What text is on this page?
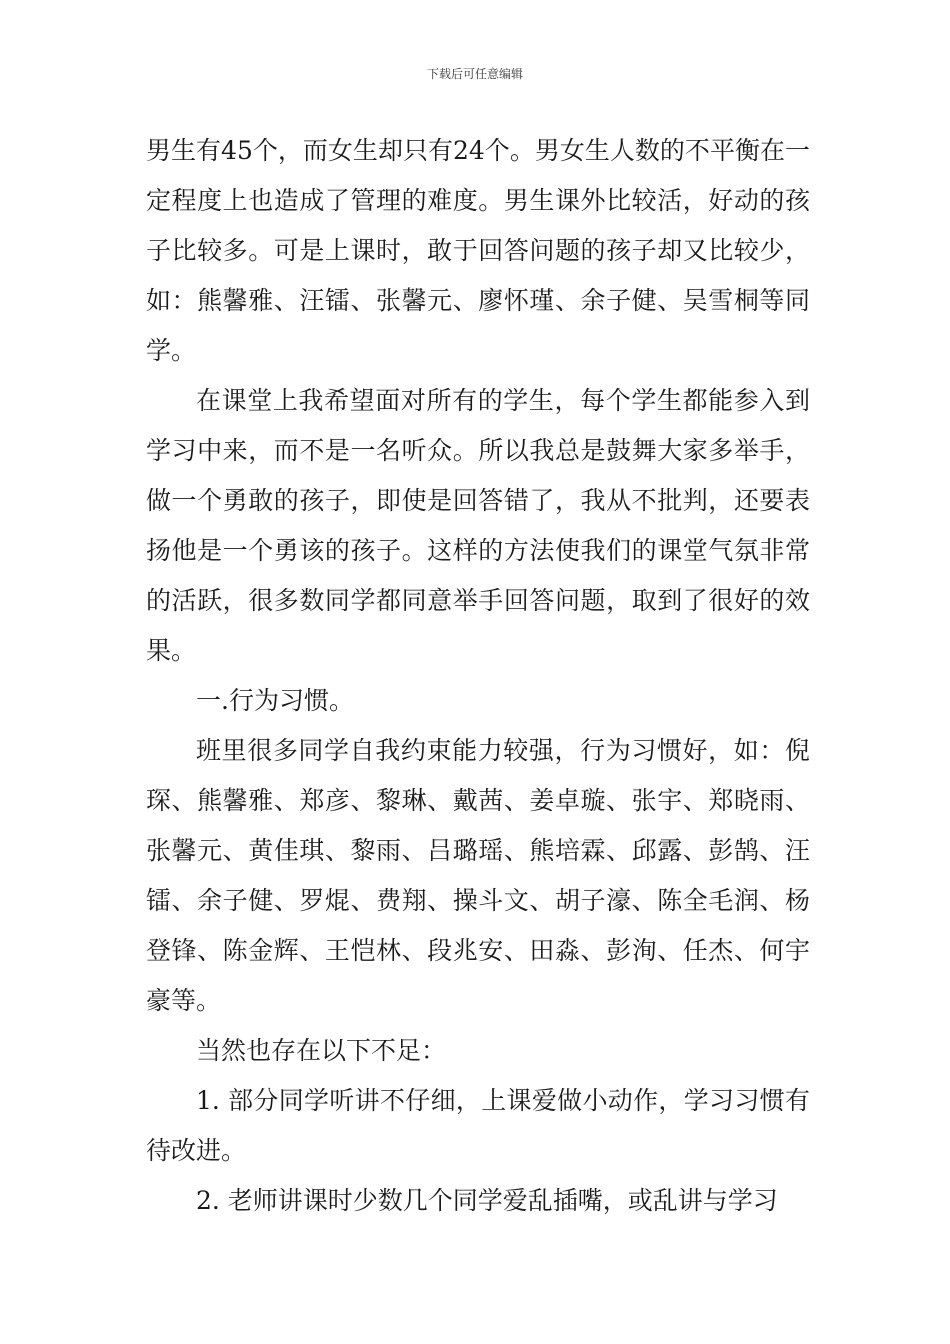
下载后可任意编辑

男生有45个，而女生却只有24个。男女生人数的不平衡在一定程度上也造成了管理的难度。男生课外比较活，好动的孩子比较多。可是上课时，敢于回答问题的孩子却又比较少，如：熊馨雅、汪镭、张馨元、廖怀瑾、余子健、吴雪桐等同学。

在课堂上我希望面对所有的学生，每个学生都能参入到学习中来，而不是一名听众。所以我总是鼓舞大家多举手，做一个勇敢的孩子，即使是回答错了，我从不批判，还要表扬他是一个勇该的孩子。这样的方法使我们的课堂气氛非常的活跃，很多数同学都同意举手回答问题，取到了很好的效果。

一.行为习惯。

班里很多同学自我约束能力较强，行为习惯好，如：倪琛、熊馨雅、郑彦、黎琳、戴茜、姜卓璇、张宇、郑晓雨、张馨元、黄佳琪、黎雨、吕璐瑶、熊培霖、邱露、彭鹄、汪镭、余子健、罗焜、费翔、操斗文、胡子濠、陈全毛润、杨登锋、陈金辉、王恺林、段兆安、田淼、彭洵、任杰、何宇豪等。

当然也存在以下不足：

1. 部分同学听讲不仔细，上课爱做小动作，学习习惯有待改进。

2. 老师讲课时少数几个同学爱乱插嘴，或乱讲与学习
